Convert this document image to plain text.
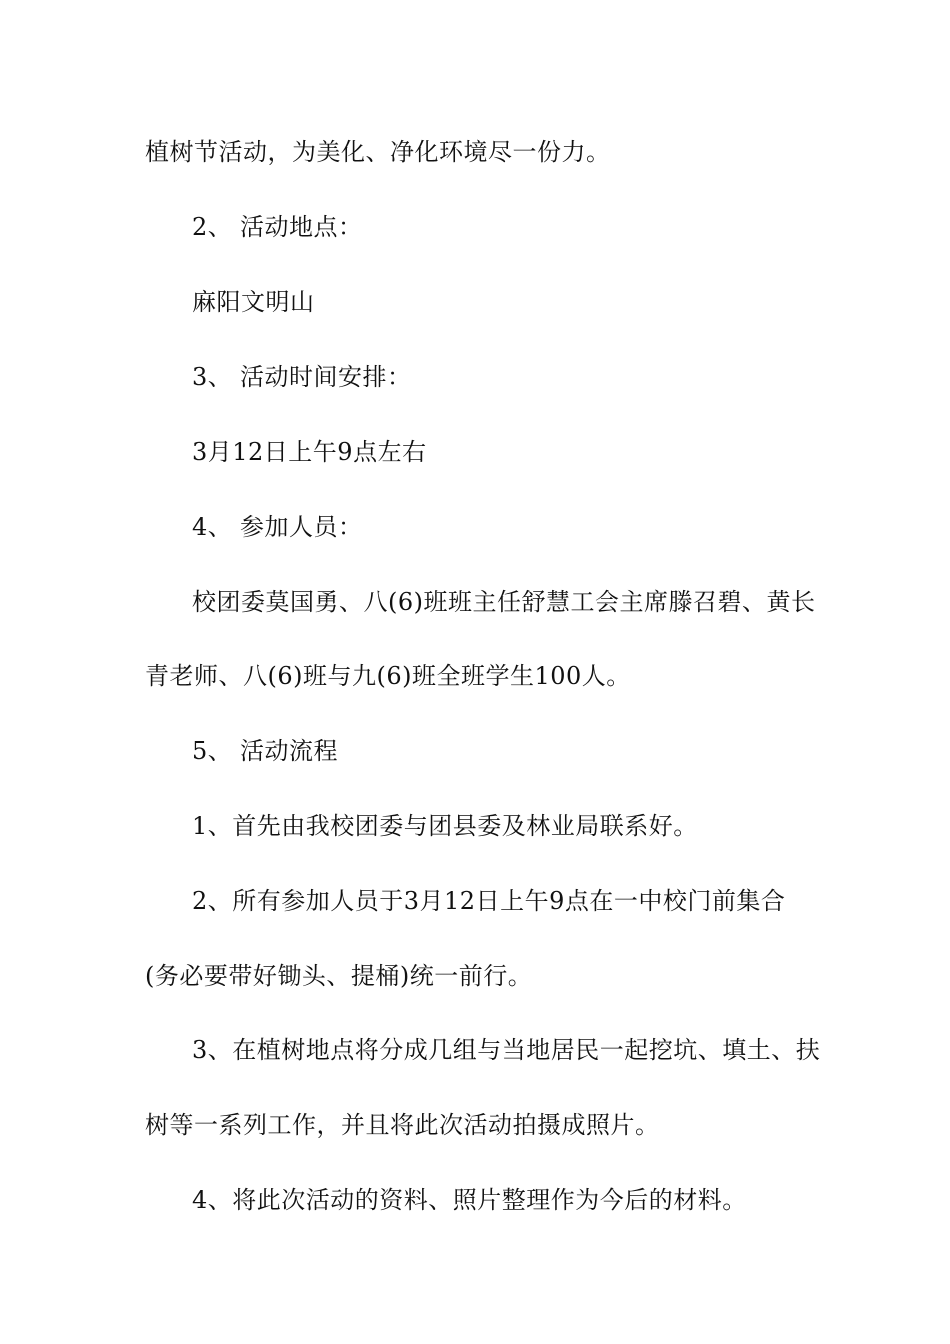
植树节活动，为美化、净化环境尽一份力。
2、 活动地点：
麻阳文明山
3、 活动时间安排：
3月12日上午9点左右
4、 参加人员：
校团委莫国勇、八(6)班班主任舒慧工会主席滕召碧、黄长
青老师、八(6)班与九(6)班全班学生100人。
5、 活动流程
1、首先由我校团委与团县委及林业局联系好。
2、所有参加人员于3月12日上午9点在一中校门前集合
(务必要带好锄头、提桶)统一前行。
3、在植树地点将分成几组与当地居民一起挖坑、填土、扶
树等一系列工作，并且将此次活动拍摄成照片。
4、将此次活动的资料、照片整理作为今后的材料。
